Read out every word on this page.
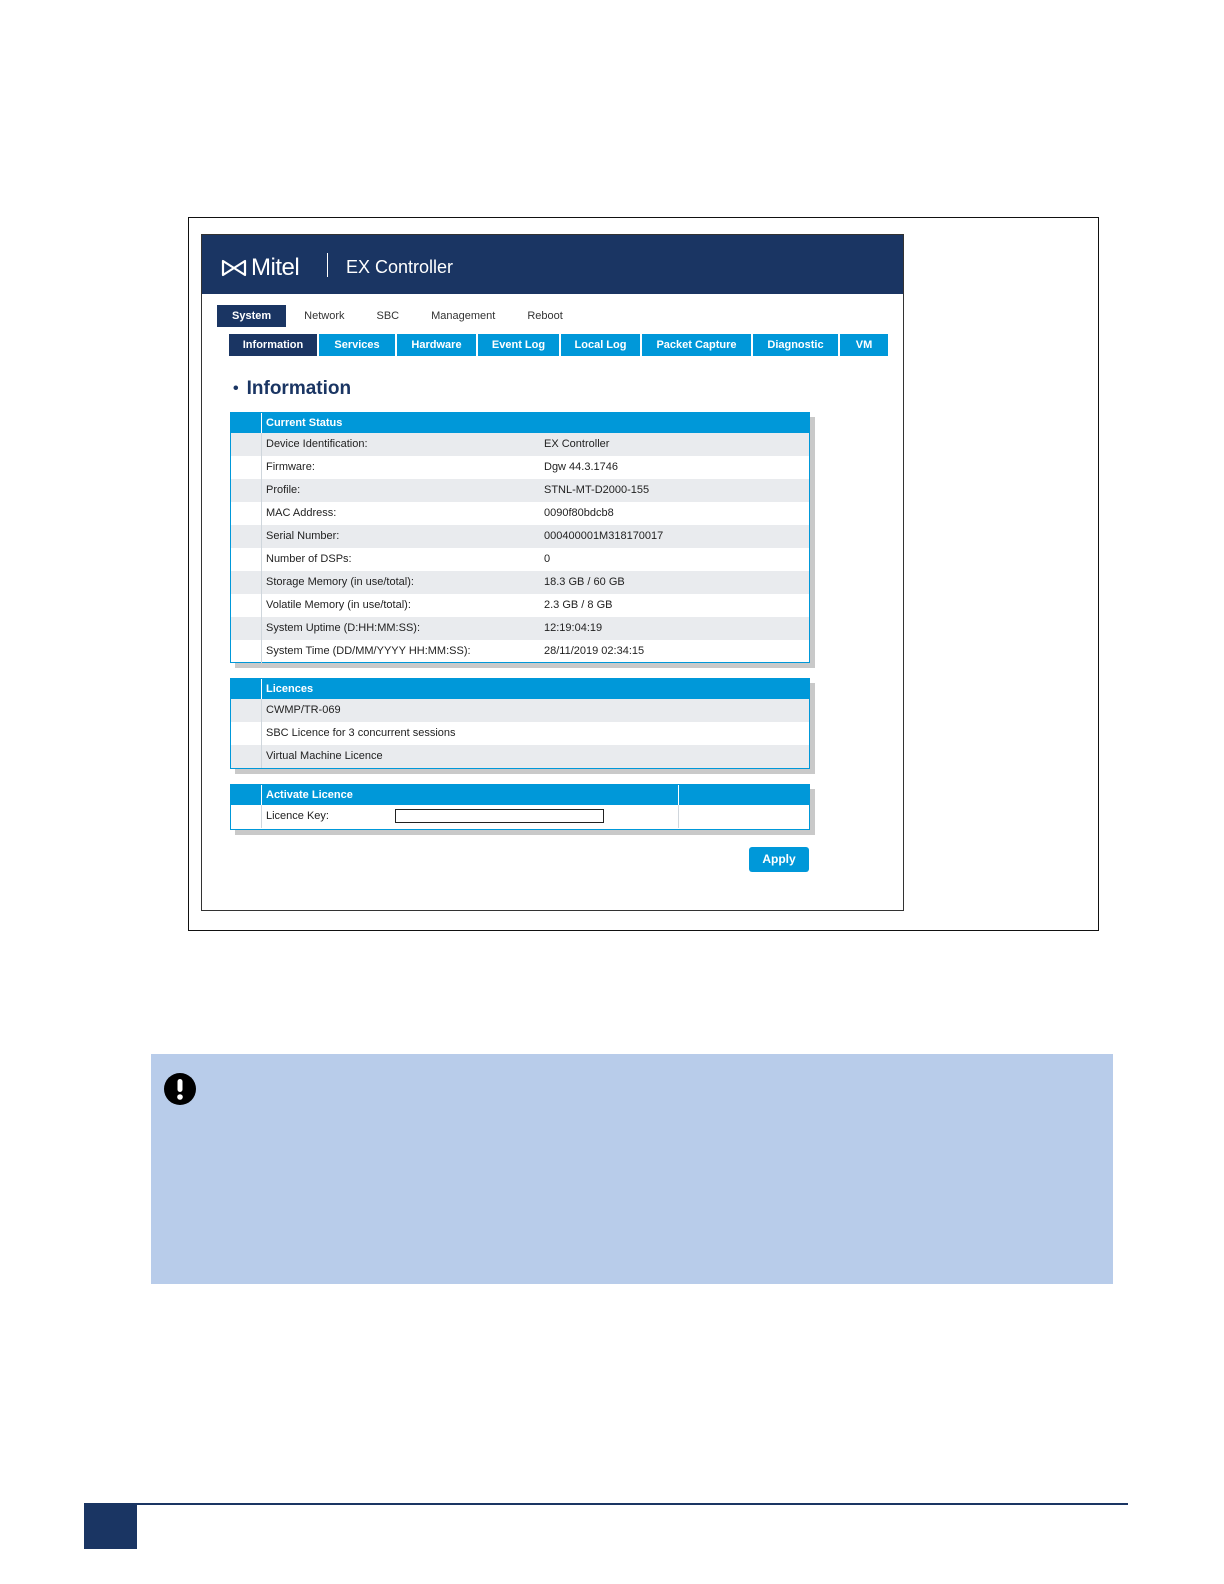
Mitel	EX Controller
System	Network	SBC	Management	Reboot
Information	Services	Hardware	Event Log	Local Log	Packet Capture	Diagnostic	VM
• Information
Current Status
Device Identification:	EX Controller
Firmware:	Dgw 44.3.1746
Profile:	STNL-MT-D2000-155
MAC Address:	0090f80bdcb8
Serial Number:	000400001M318170017
Number of DSPs:	0
Storage Memory (in use/total):	18.3 GB / 60 GB
Volatile Memory (in use/total):	2.3 GB / 8 GB
System Uptime (D:HH:MM:SS):	12:19:04:19
System Time (DD/MM/YYYY HH:MM:SS):	28/11/2019 02:34:15
Licences
CWMP/TR-069
SBC Licence for 3 concurrent sessions
Virtual Machine Licence
Activate Licence
Licence Key:
Apply
